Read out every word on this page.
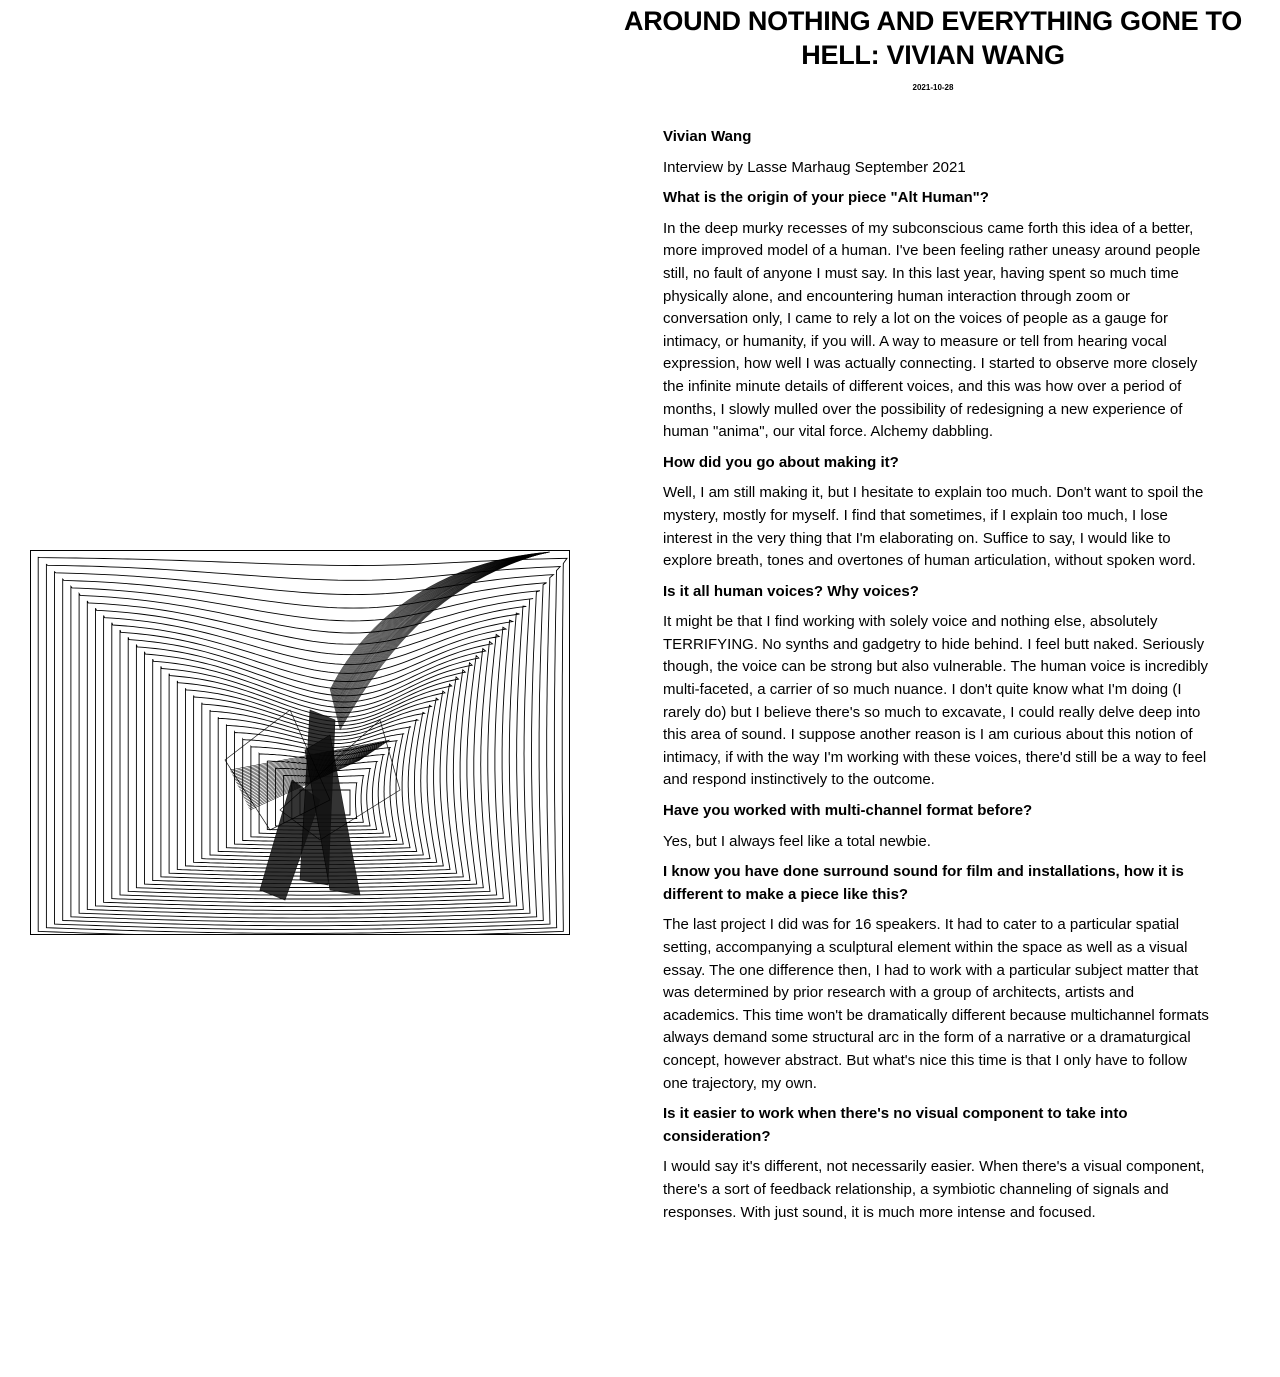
AROUND NOTHING AND EVERYTHING GONE TO HELL: VIVIAN WANG
2021-10-28

Vivian Wang

Interview by Lasse Marhaug September 2021

What is the origin of your piece "Alt Human"?

In the deep murky recesses of my subconscious came forth this idea of a better, more improved model of a human. I've been feeling rather uneasy around people still, no fault of anyone I must say. In this last year, having spent so much time physically alone, and encountering human interaction through zoom or conversation only, I came to rely a lot on the voices of people as a gauge for intimacy, or humanity, if you will. A way to measure or tell from hearing vocal expression, how well I was actually connecting. I started to observe more closely the infinite minute details of different voices, and this was how over a period of months, I slowly mulled over the possibility of redesigning a new experience of human "anima", our vital force. Alchemy dabbling.

How did you go about making it?

Well, I am still making it, but I hesitate to explain too much. Don't want to spoil the mystery, mostly for myself. I find that sometimes, if I explain too much, I lose interest in the very thing that I'm elaborating on. Suffice to say, I would like to explore breath, tones and overtones of human articulation, without spoken word.

Is it all human voices? Why voices?

It might be that I find working with solely voice and nothing else, absolutely TERRIFYING. No synths and gadgetry to hide behind. I feel butt naked. Seriously though, the voice can be strong but also vulnerable. The human voice is incredibly multi-faceted, a carrier of so much nuance. I don't quite know what I'm doing (I rarely do) but I believe there's so much to excavate, I could really delve deep into this area of sound. I suppose another reason is I am curious about this notion of intimacy, if with the way I'm working with these voices, there'd still be a way to feel and respond instinctively to the outcome.

Have you worked with multi-channel format before?

Yes, but I always feel like a total newbie.

I know you have done surround sound for film and installations, how it is different to make a piece like this?

The last project I did was for 16 speakers. It had to cater to a particular spatial setting, accompanying a sculptural element within the space as well as a visual essay. The one difference then, I had to work with a particular subject matter that was determined by prior research with a group of architects, artists and academics. This time won't be dramatically different because multichannel formats always demand some structural arc in the form of a narrative or a dramaturgical concept, however abstract. But what's nice this time is that I only have to follow one trajectory, my own.

Is it easier to work when there's no visual component to take into consideration?

I would say it's different, not necessarily easier. When there's a visual component, there's a sort of feedback relationship, a symbiotic channeling of signals and responses. With just sound, it is much more intense and focused.
